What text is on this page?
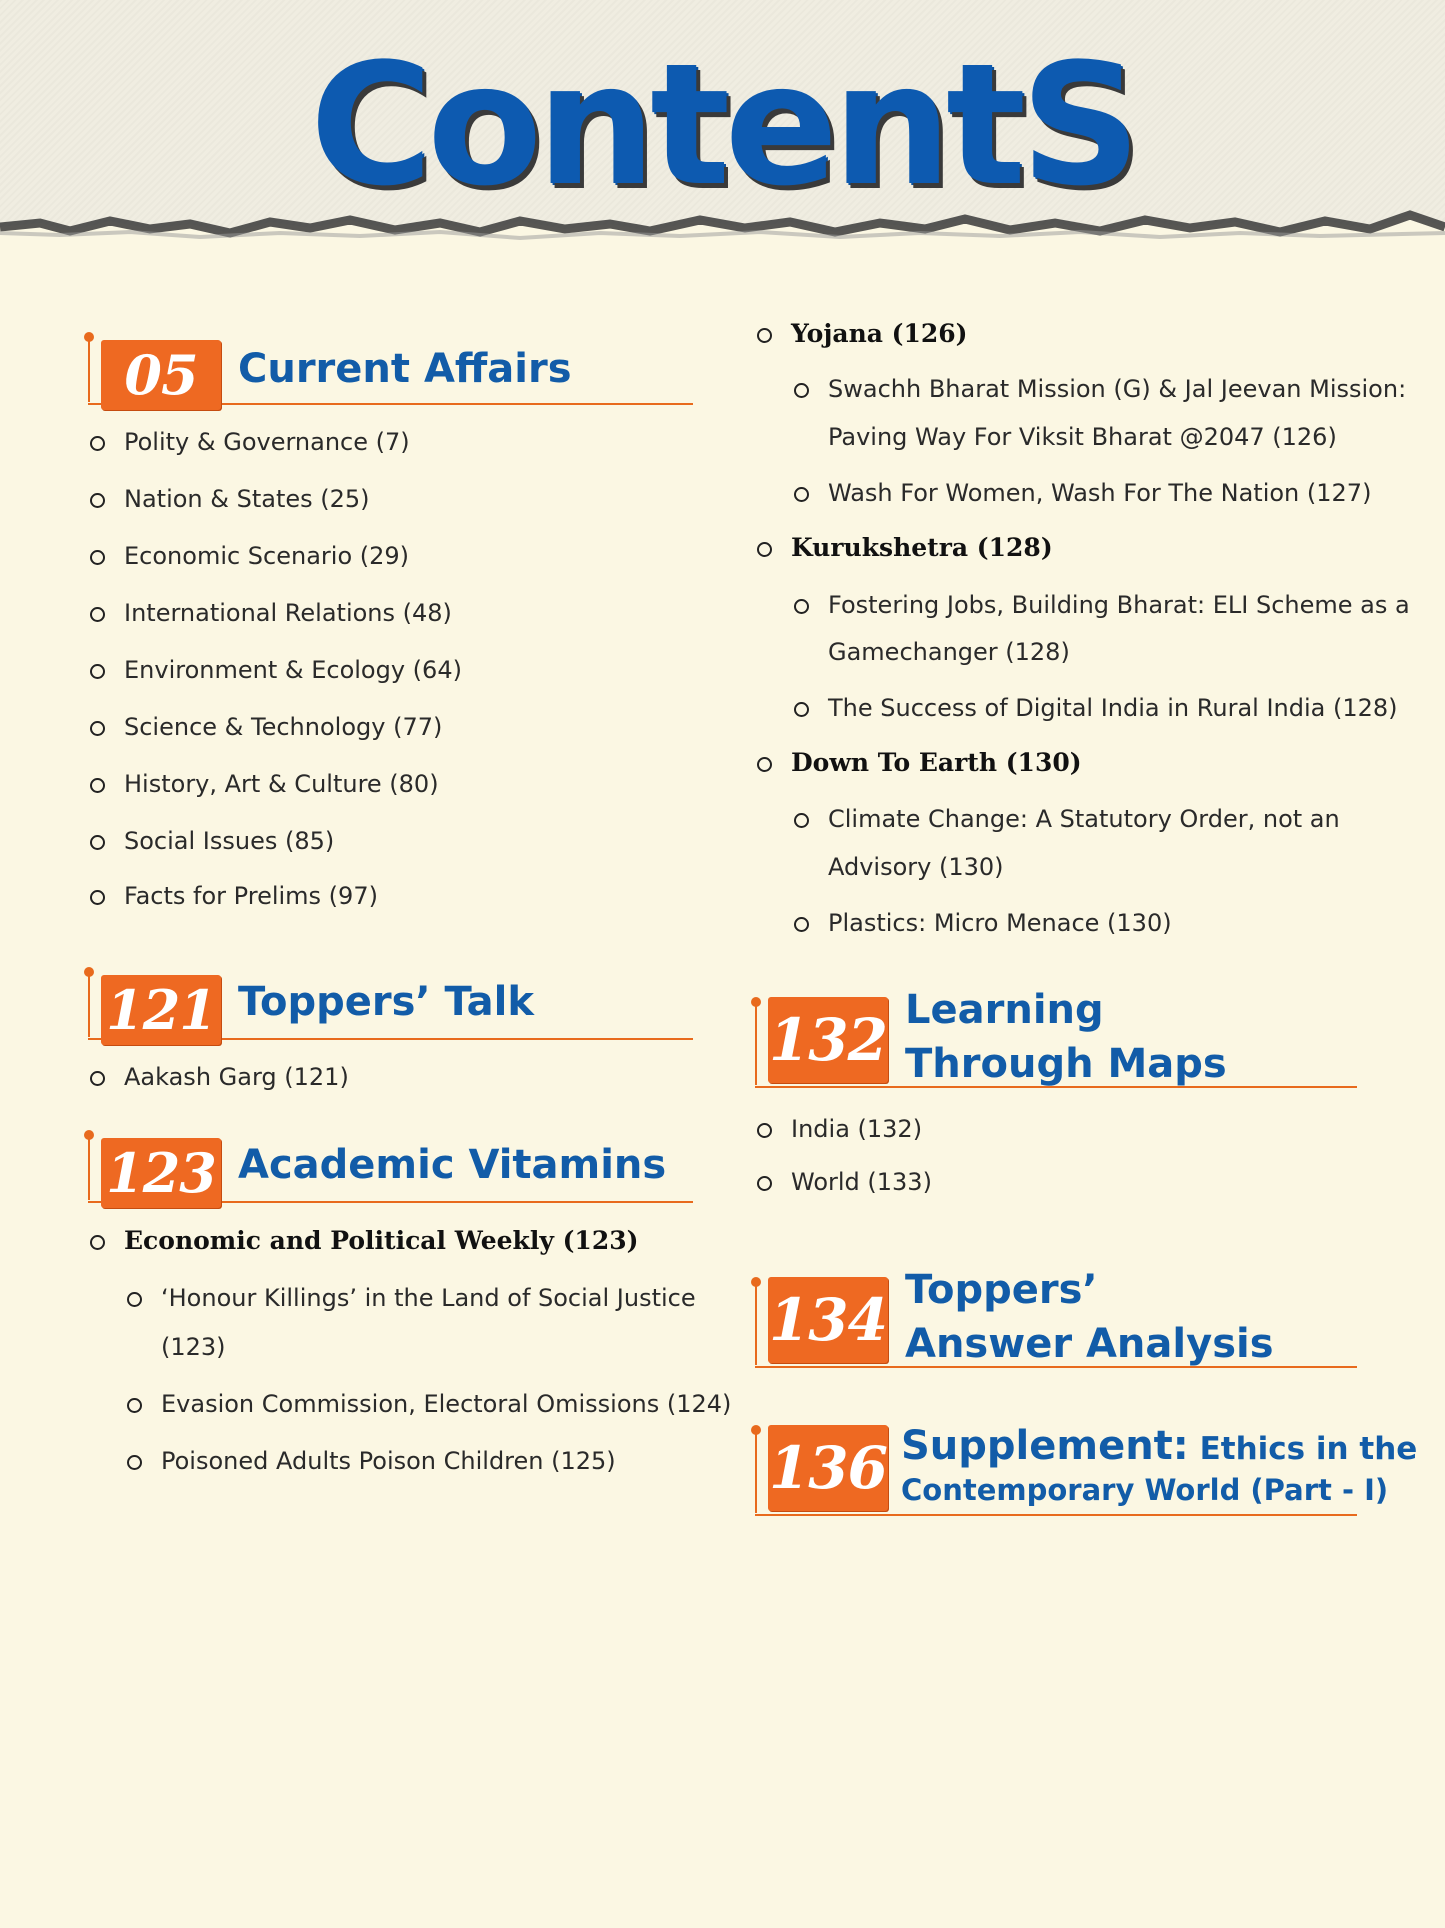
ContentS
05	Current Affairs
Polity & Governance (7)
Nation & States (25)
Economic Scenario (29)
International Relations (48)
Environment & Ecology (64)
Science & Technology (77)
History, Art & Culture (80)
Social Issues (85)
Facts for Prelims (97)
121 Toppers’ Talk
Aakash Garg (121)
123 Academic Vitamins
Economic and Political Weekly (123)
‘Honour Killings’ in the Land of Social Justice
(123)
Evasion Commission, Electoral Omissions (124)
Poisoned Adults Poison Children (125)
Yojana (126)
Swachh Bharat Mission (G) & Jal Jeevan Mission:
Paving Way For Viksit Bharat @2047 (126)
Wash For Women, Wash For The Nation (127)
Kurukshetra (128)
Fostering Jobs, Building Bharat: ELI Scheme as a
Gamechanger (128)
The Success of Digital India in Rural India (128)
Down To Earth (130)
Climate Change: A Statutory Order, not an
Advisory (130)
Plastics: Micro Menace (130)
132 Learning
Through Maps
India (132)
World (133)
134 Toppers’
Answer Analysis
136 Supplement: Ethics in the
Contemporary World (Part - I)
